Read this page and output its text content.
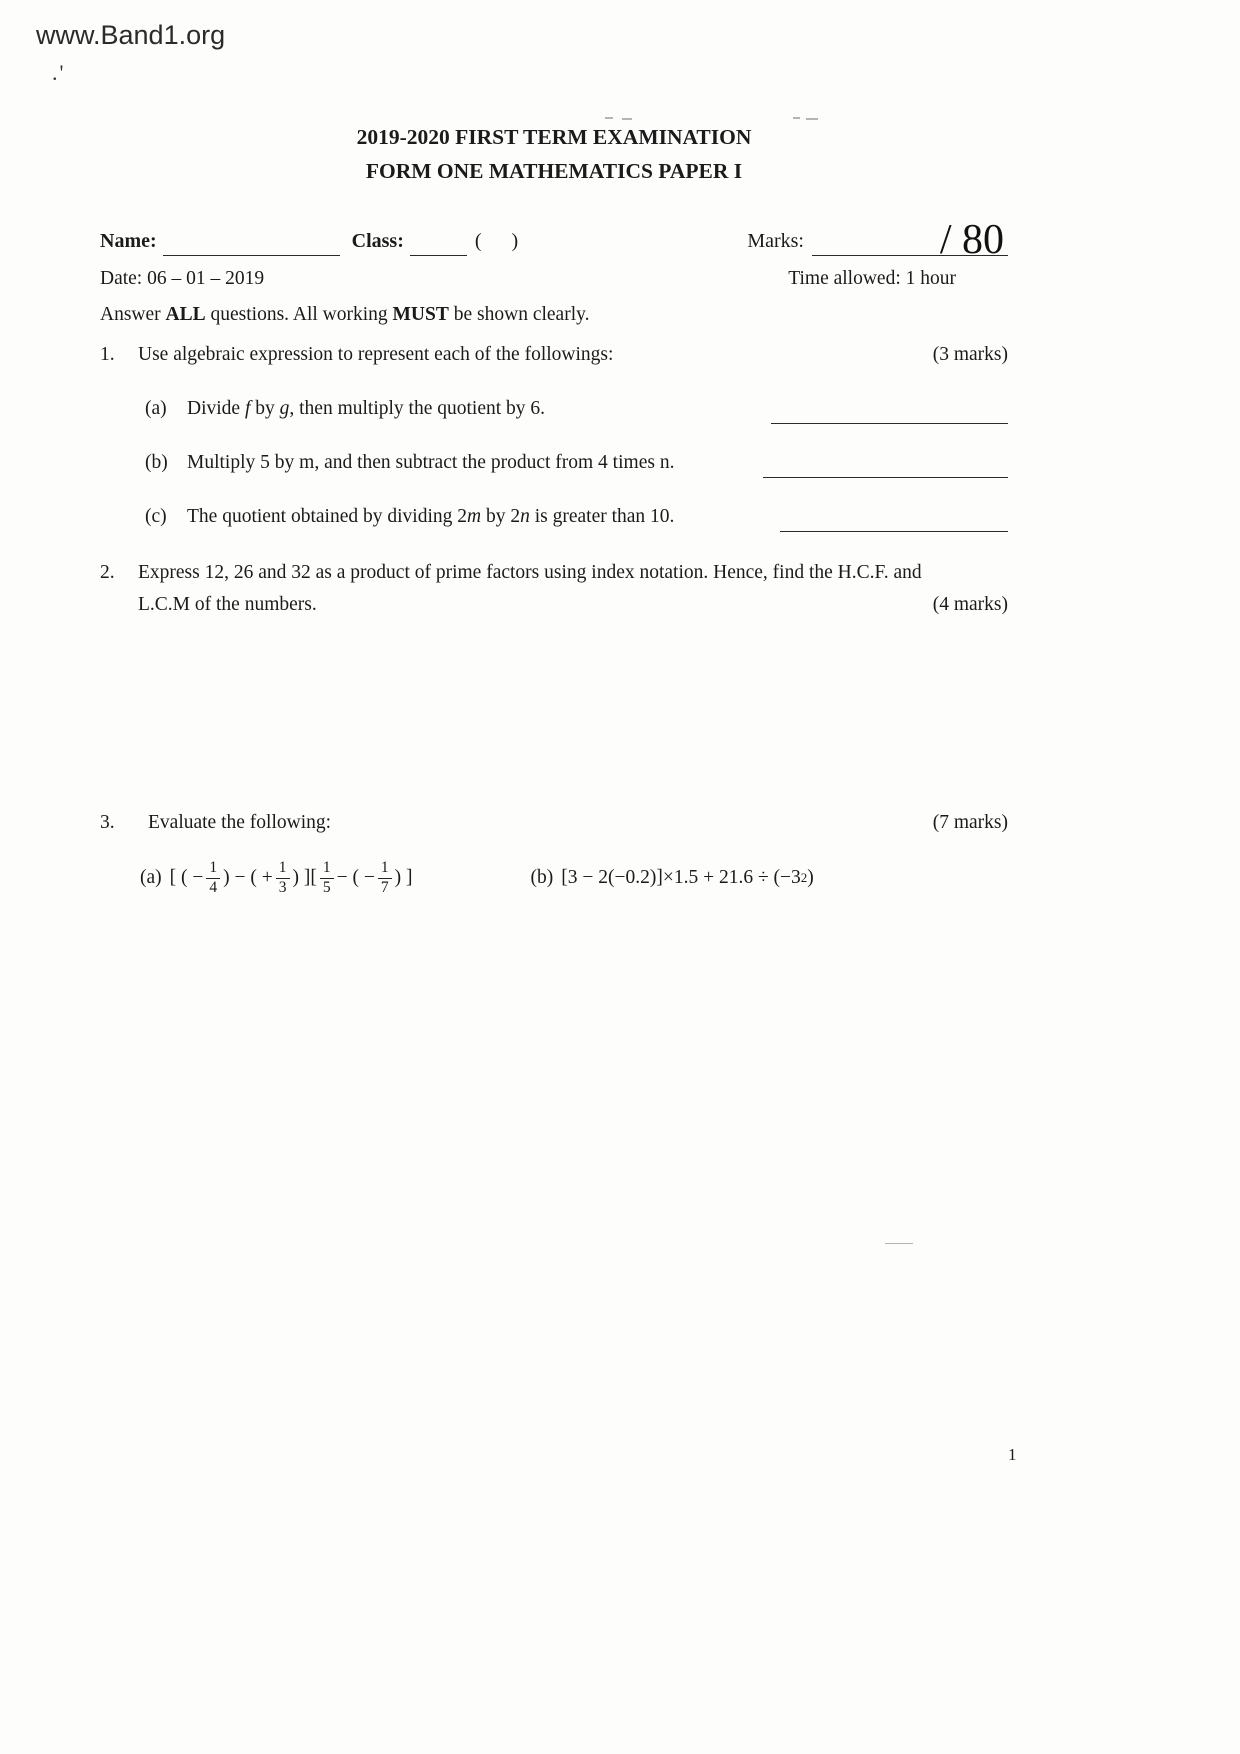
www.Band1.org
.'
2019-2020 FIRST TERM EXAMINATION
FORM ONE MATHEMATICS PAPER I
Name:	Class:	( )	Marks:	/ 80
Date: 06 – 01 – 2019	Time allowed: 1 hour
Answer ALL questions. All working MUST be shown clearly.
1.	Use algebraic expression to represent each of the followings:	(3 marks)
(a)	Divide f by g, then multiply the quotient by 6.
(b) Multiply 5 by m, and then subtract the product from 4 times n.
(c)	The quotient obtained by dividing 2m by 2n is greater than 10.
2.	Express 12, 26 and 32 as a product of prime factors using index notation. Hence, find the H.C.F. and
L.C.M of the numbers.	(4 marks)
3.	Evaluate the following:	(7 marks)
(a) [ ( − $\frac{1}{4}$ ) − ( + $\frac{1}{3}$ ) ][ $\frac{1}{5}$ − ( − $\frac{1}{7}$ ) ]	(b) [3 − 2(−0.2)]×1.5 + 21.6 ÷ (−3 2 )
1
